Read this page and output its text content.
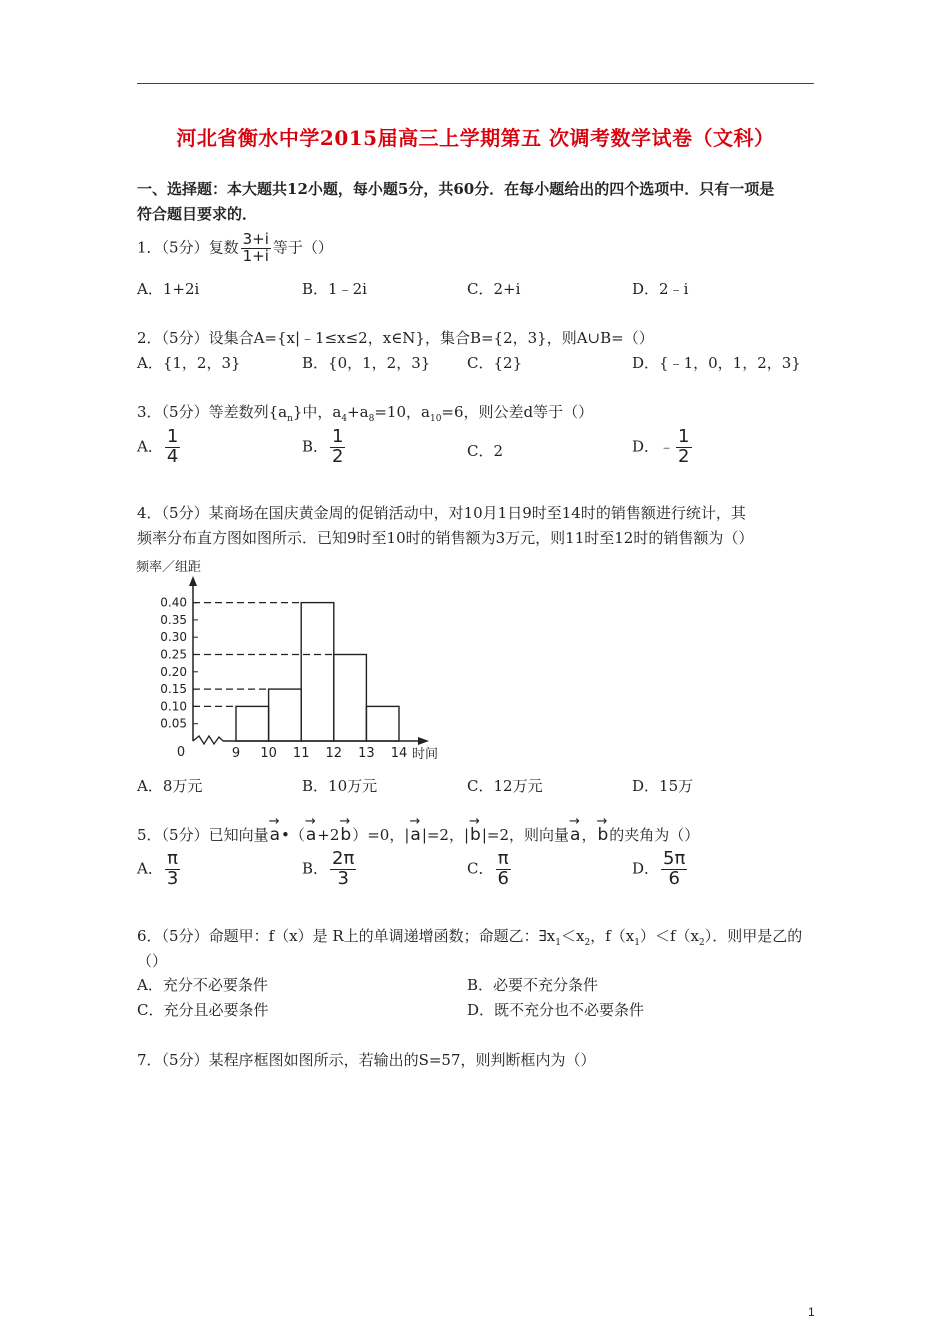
河北省衡水中学2015届高三上学期第五 次调考数学试卷（文科）
一、选择题：本大题共12小题，每小题5分，共60分．在每小题给出的四个选项中．只有一项是
符合题目要求的．
1．（5分）复数 $\frac{3+i}{1+i}$ 等于（）
A．1+2i	B．1﹣2i	C．2+i	D．2﹣i
2．（5分）设集合A={x|﹣1≤x≤2，x∈N}，集合B={2，3}，则A∪B=（）
A．{1，2，3}	B．{0，1，2，3} C．{2}	D．{﹣1，0，1，2，3}
3．（5分）等差数列$\{a_n\}$中，$a_4+a_8=10$，$a_{10}=6$，则公差d等于（）
A． $\frac{1}{4}$	B． $\frac{1}{2}$	C．2	D．﹣ $\frac{1}{2}$
4．（5分）某商场在国庆黄金周的促销活动中，对10月1日9时至14时的销售额进行统计，其
频率分布直方图如图所示．已知9时至10时的销售额为3万元，则11时至12时的销售额为（）
频率／组距
时间
0
0.05
0.10
0.15
0.20
0.25
0.30
0.35
0.40
9 10 11 12 13 14
A．8万元	B．10万元	C．12万元	D．15万
5．（5分）已知向量→ a•（→ a+2→ b）=0，|→ a|=2，|→ b|=2，则向量→ a，→ b的夹角为（）
A． $\frac{\pi}{3}$	B． $\frac{2\pi}{3}$	C． $\frac{\pi}{6}$	D． $\frac{5\pi}{6}$
6．（5分）命题甲：f（x）是 R上的单调递增函数；命题乙：$\exists x_1<x_2$，$f(x_1)<f(x_2)$．则甲是乙的
（）
A．充分不必要条件	B．必要不充分条件
C．充分且必要条件	D．既不充分也不必要条件
7．（5分）某程序框图如图所示，若输出的S=57，则判断框内为（）
1
